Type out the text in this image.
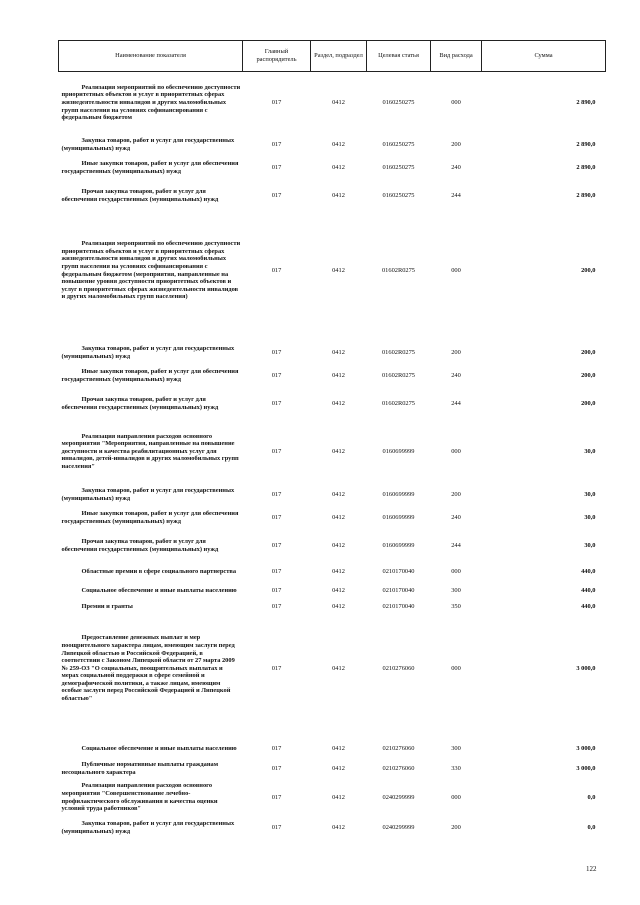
Наименование показателя	Главный распорядитель	Раздел, подраздел	Целевая статья	Вид расхода	Сумма
Реализация мероприятий по обеспечению доступности приоритетных объектов и услуг в приоритетных сферах жизнедеятельности инвалидов и других маломобильных групп населения на условиях софинансирования с федеральным бюджетом	017	0412	0160250275	000	2 890,0
Закупка товаров, работ и услуг для государственных (муниципальных) нужд	017	0412	0160250275	200	2 890,0
Иные закупки товаров, работ и услуг для обеспечения государственных (муниципальных) нужд	017	0412	0160250275	240	2 890,0
Прочая закупка товаров, работ и услуг для обеспечения государственных (муниципальных) нужд	017	0412	0160250275	244	2 890,0
Реализация мероприятий по обеспечению доступности приоритетных объектов и услуг в приоритетных сферах жизнедеятельности инвалидов и других маломобильных групп населения на условиях софинансирования с федеральным бюджетом (мероприятия, направленные на повышение уровня доступности приоритетных объектов и услуг в приоритетных сферах жизнедеятельности инвалидов и других маломобильных групп населения)	017	0412	01602R0275	000	200,0

Закупка товаров, работ и услуг для государственных (муниципальных) нужд	017	0412	01602R0275	200	200,0
Иные закупки товаров, работ и услуг для обеспечения государственных (муниципальных) нужд	017	0412	01602R0275	240	200,0
Прочая закупка товаров, работ и услуг для обеспечения государственных (муниципальных) нужд	017	0412	01602R0275	244	200,0
Реализация направления расходов основного мероприятия "Мероприятия, направленные на повышение доступности и качества реабилитационных услуг для инвалидов, детей-инвалидов и других маломобильных групп населения"	017	0412	0160699999	000	30,0
Закупка товаров, работ и услуг для государственных (муниципальных) нужд	017	0412	0160699999	200	30,0
Иные закупки товаров, работ и услуг для обеспечения государственных (муниципальных) нужд	017	0412	0160699999	240	30,0
Прочая закупка товаров, работ и услуг для обеспечения государственных (муниципальных) нужд	017	0412	0160699999	244	30,0
Областные премии в сфере социального партнерства	017	0412	0210170040	000	440,0
Социальное обеспечение и иные выплаты населению	017	0412	0210170040	300	440,0
Премии и гранты	017	0412	0210170040	350	440,0
Предоставление денежных выплат и мер поощрительного характера лицам, имеющим заслуги перед Липецкой областью и Российской Федерацией, в соответствии с Законом Липецкой области от 27 марта 2009 № 259-ОЗ "О социальных, поощрительных выплатах и мерах социальной поддержки в сфере семейной и демографической политики, а также лицам, имеющим особые заслуги перед Российской Федерацией и Липецкой областью"	017	0412	0210276060	000	3 000,0

Социальное обеспечение и иные выплаты населению	017	0412	0210276060	300	3 000,0
Публичные нормативные выплаты гражданам несоциального характера	017	0412	0210276060	330	3 000,0
Реализация направления расходов основного мероприятия "Совершенствование лечебно-профилактического обслуживания и качества оценки условий труда работников"	017	0412	0240299999	000	0,0
Закупка товаров, работ и услуг для государственных (муниципальных) нужд	017	0412	0240299999	200	0,0
122
